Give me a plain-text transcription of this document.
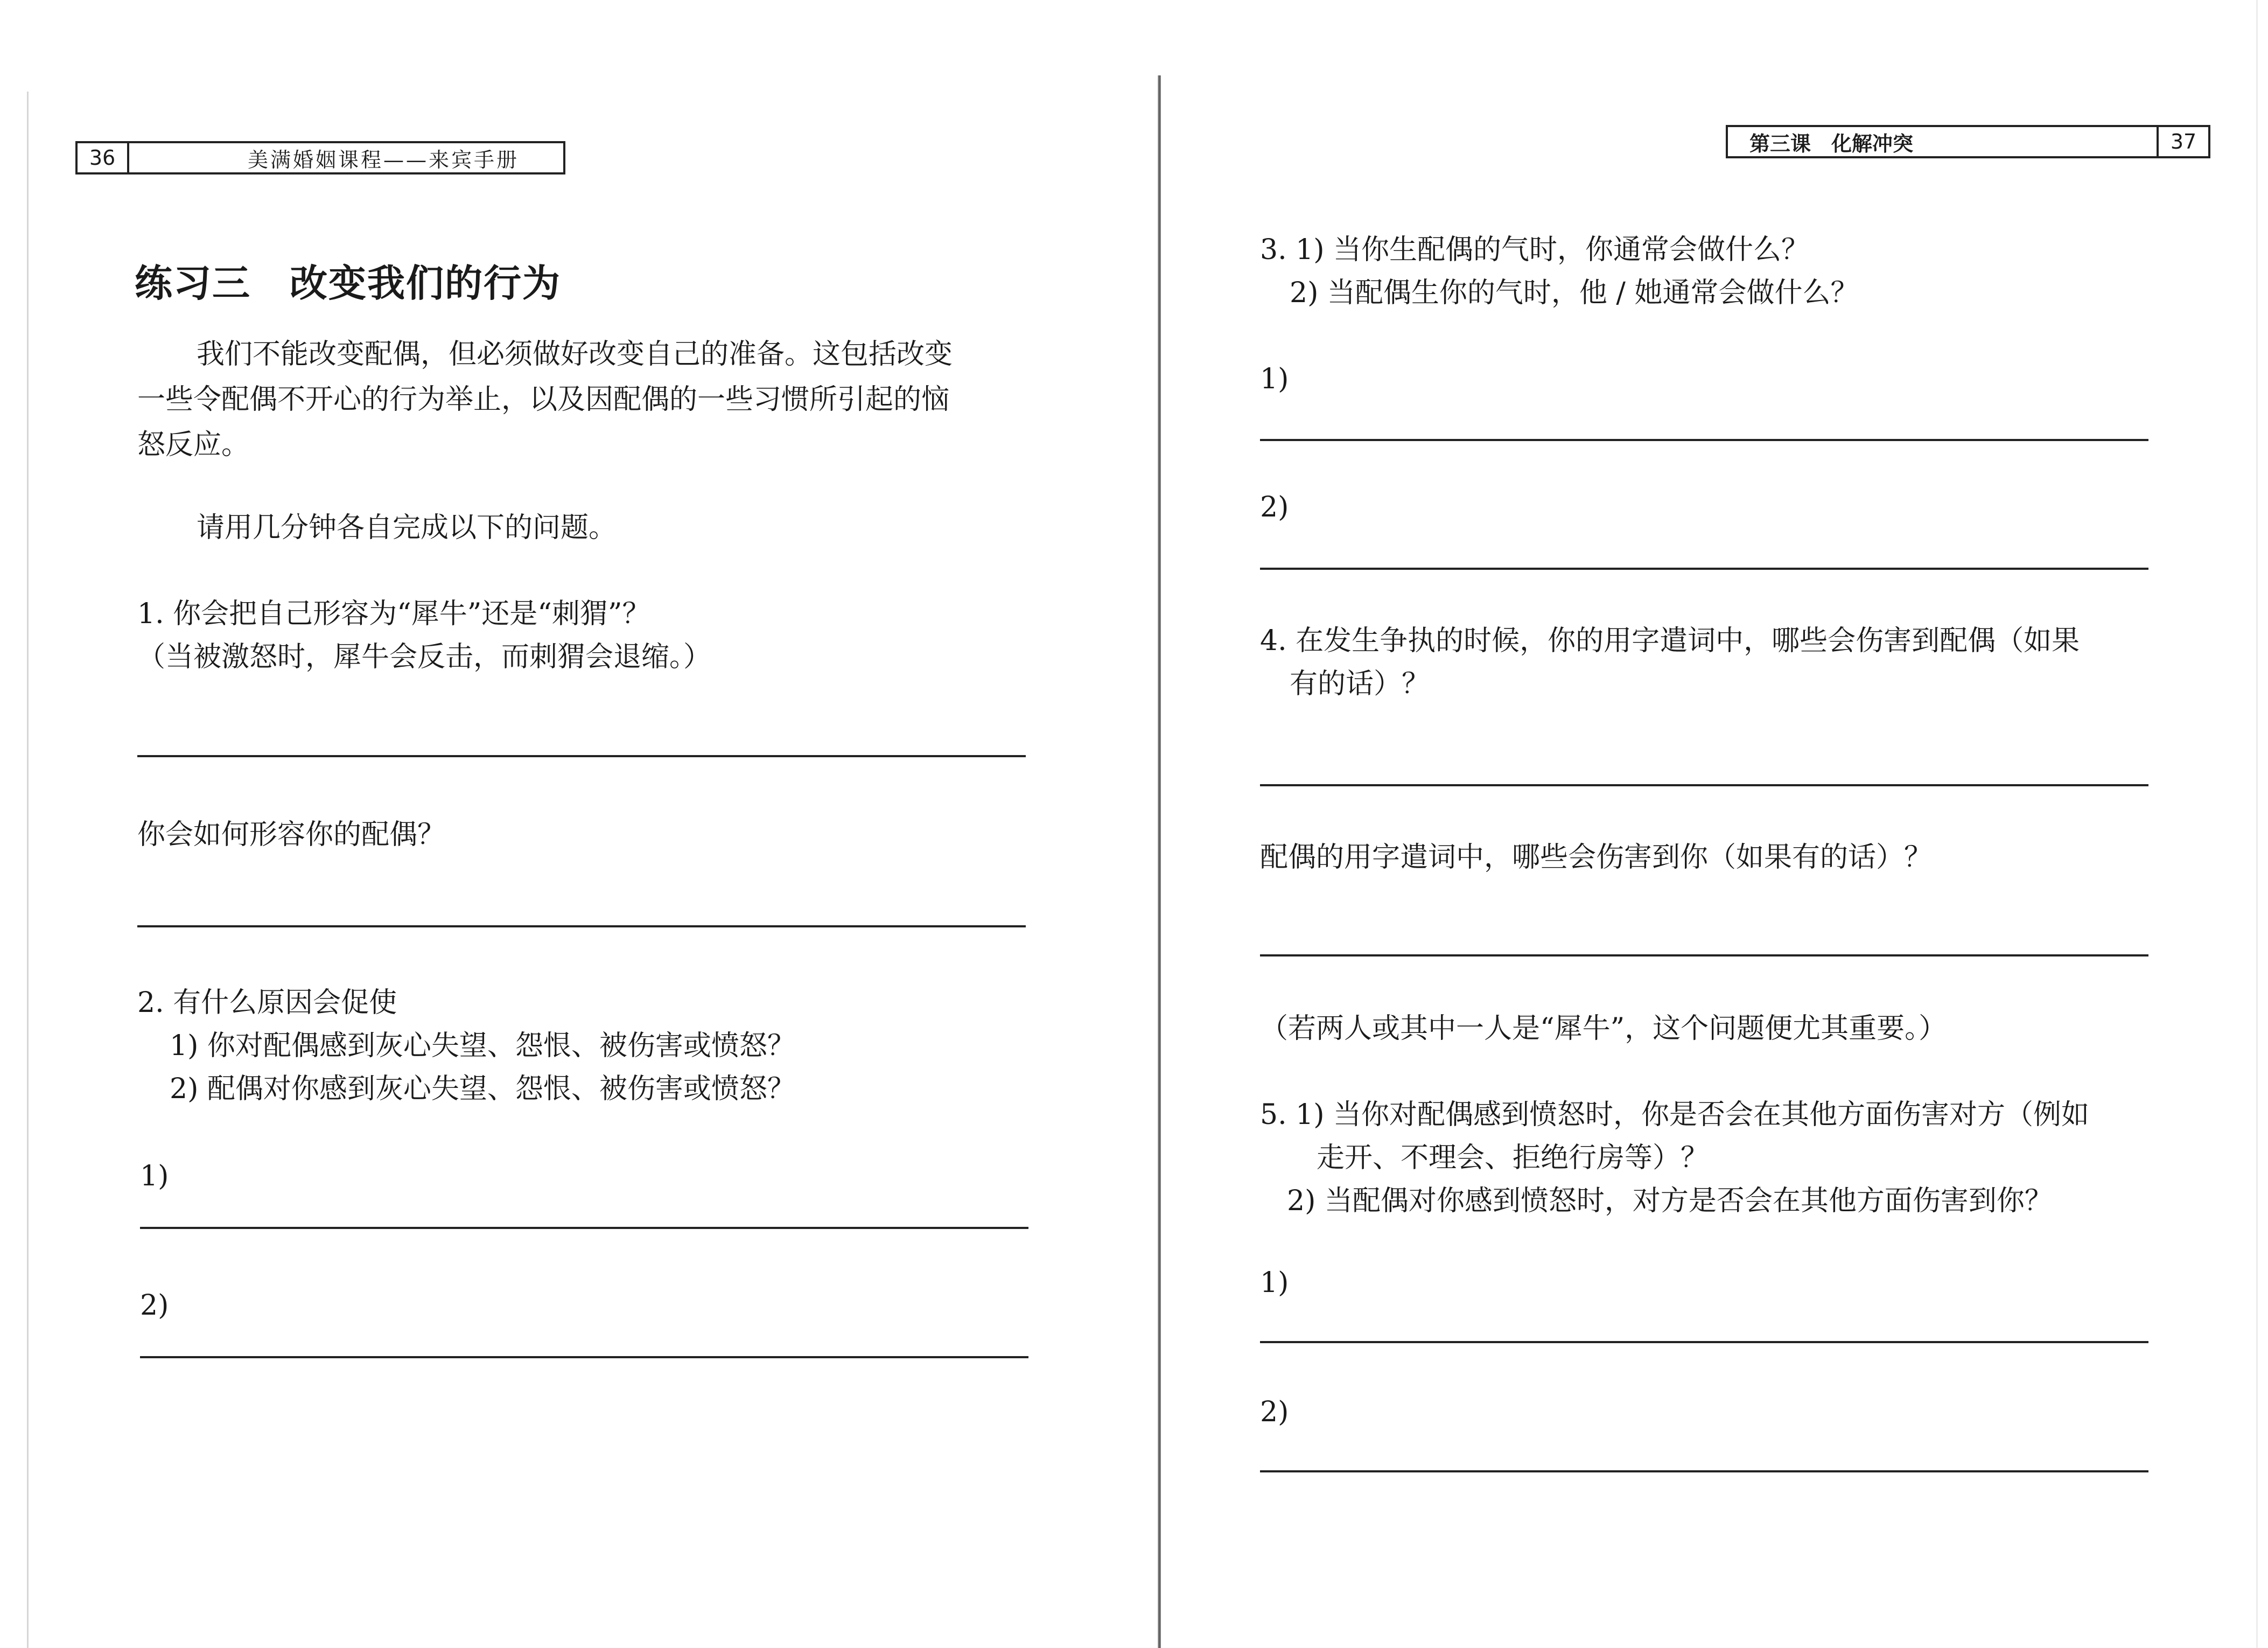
36	美满婚姻课程——来宾手册
练习三　改变我们的行为
我们不能改变配偶，但必须做好改变自己的准备。这包括改变
一些令配偶不开心的行为举止，以及因配偶的一些习惯所引起的恼
怒反应。
请用几分钟各自完成以下的问题。
1. 你会把自己形容为“犀牛”还是“刺猬”？
（当被激怒时，犀牛会反击，而刺猬会退缩。）
你会如何形容你的配偶？
2. 有什么原因会促使
1) 你对配偶感到灰心失望、怨恨、被伤害或愤怒？
2) 配偶对你感到灰心失望、怨恨、被伤害或愤怒？
1)
2)
第三课　化解冲突	37
3. 1) 当你生配偶的气时，你通常会做什么？
2) 当配偶生你的气时，他 / 她通常会做什么？
1)
2)
4. 在发生争执的时候，你的用字遣词中，哪些会伤害到配偶（如果
有的话）？
配偶的用字遣词中，哪些会伤害到你（如果有的话）？
（若两人或其中一人是“犀牛”，这个问题便尤其重要。）
5. 1) 当你对配偶感到愤怒时，你是否会在其他方面伤害对方（例如
走开、不理会、拒绝行房等）？
2) 当配偶对你感到愤怒时，对方是否会在其他方面伤害到你？
1)
2)
